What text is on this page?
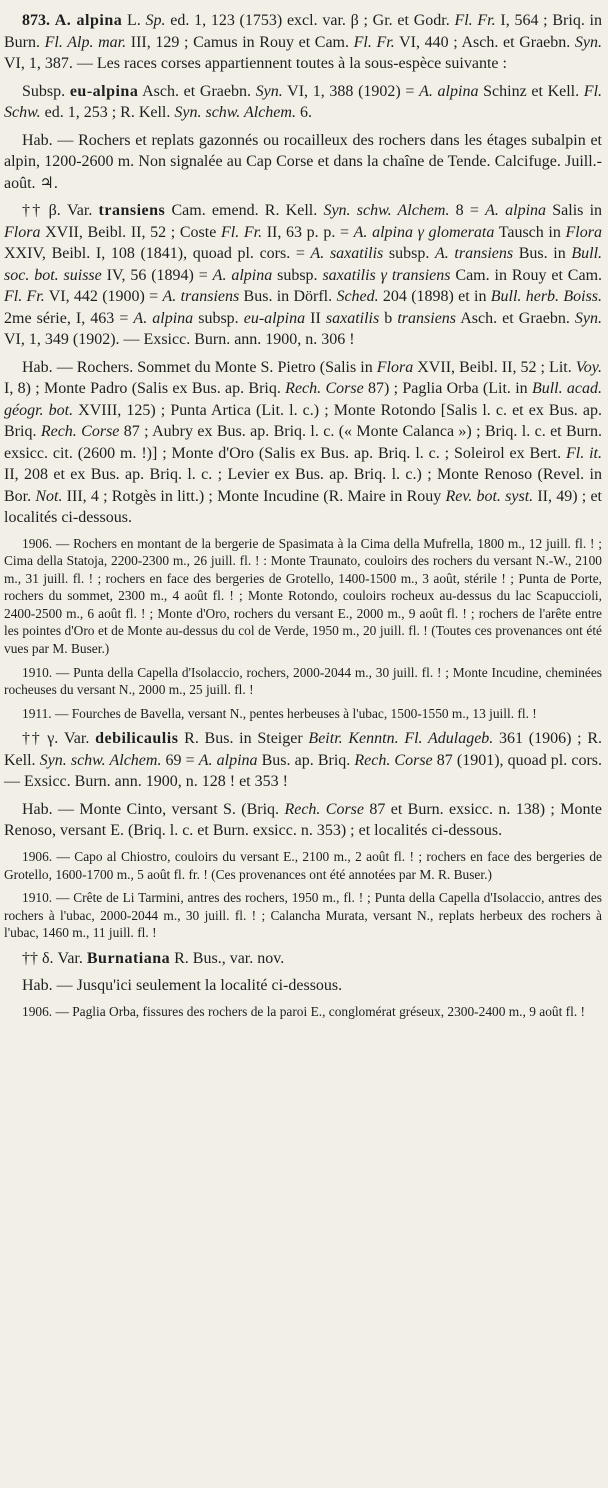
873. A. alpina L. Sp. ed. 1, 123 (1753) excl. var. β ; Gr. et Godr. Fl. Fr. I, 564 ; Briq. in Burn. Fl. Alp. mar. III, 129 ; Camus in Rouy et Cam. Fl. Fr. VI, 440 ; Asch. et Graebn. Syn. VI, 1, 387. — Les races corses appartiennent toutes à la sous-espèce suivante :

Subsp. eu-alpina Asch. et Graebn. Syn. VI, 1, 388 (1902) = A. alpina Schinz et Kell. Fl. Schw. ed. 1, 253 ; R. Kell. Syn. schw. Alchem. 6.

Hab. — Rochers et replats gazonnés ou rocailleux des rochers dans les étages subalpin et alpin, 1200-2600 m. Non signalée au Cap Corse et dans la chaîne de Tende. Calcifuge. Juill.-août. ♃.

†† β. Var. transiens Cam. emend. R. Kell. Syn. schw. Alchem. 8 = A. alpina Salis in Flora XVII, Beibl. II, 52 ; Coste Fl. Fr. II, 63 p. p. = A. alpina γ glomerata Tausch in Flora XXIV, Beibl. I, 108 (1841), quoad pl. cors. = A. saxatilis subsp. A. transiens Bus. in Bull. soc. bot. suisse IV, 56 (1894) = A. alpina subsp. saxatilis γ transiens Cam. in Rouy et Cam. Fl. Fr. VI, 442 (1900) = A. transiens Bus. in Dörfl. Sched. 204 (1898) et in Bull. herb. Boiss. 2me série, I, 463 = A. alpina subsp. eu-alpina II saxatilis b transiens Asch. et Graebn. Syn. VI, 1, 349 (1902). — Exsicc. Burn. ann. 1900, n. 306 !

Hab. — Rochers. Sommet du Monte S. Pietro (Salis in Flora XVII, Beibl. II, 52 ; Lit. Voy. I, 8) ; Monte Padro (Salis ex Bus. ap. Briq. Rech. Corse 87) ; Paglia Orba (Lit. in Bull. acad. géogr. bot. XVIII, 125) ; Punta Artica (Lit. l. c.) ; Monte Rotondo [Salis l. c. et ex Bus. ap. Briq. Rech. Corse 87 ; Aubry ex Bus. ap. Briq. l. c. (« Monte Calanca ») ; Briq. l. c. et Burn. exsicc. cit. (2600 m. !)] ; Monte d'Oro (Salis ex Bus. ap. Briq. l. c. ; Soleirol ex Bert. Fl. it. II, 208 et ex Bus. ap. Briq. l. c. ; Levier ex Bus. ap. Briq. l. c.) ; Monte Renoso (Revel. in Bor. Not. III, 4 ; Rotgès in litt.) ; Monte Incudine (R. Maire in Rouy Rev. bot. syst. II, 49) ; et localités ci-dessous.

1906. — Rochers en montant de la bergerie de Spasimata à la Cima della Mufrella, 1800 m., 12 juill. fl. ! ; Cima della Statoja, 2200-2300 m., 26 juill. fl. ! : Monte Traunato, couloirs des rochers du versant N.-W., 2100 m., 31 juill. fl. ! ; rochers en face des bergeries de Grotello, 1400-1500 m., 3 août, stérile ! ; Punta de Porte, rochers du sommet, 2300 m., 4 août fl. ! ; Monte Rotondo, couloirs rocheux au-dessus du lac Scapuccioli, 2400-2500 m., 6 août fl. ! ; Monte d'Oro, rochers du versant E., 2000 m., 9 août fl. ! ; rochers de l'arête entre les pointes d'Oro et de Monte au-dessus du col de Verde, 1950 m., 20 juill. fl. ! (Toutes ces provenances ont été vues par M. Buser.)

1910. — Punta della Capella d'Isolaccio, rochers, 2000-2044 m., 30 juill. fl. ! ; Monte Incudine, cheminées rocheuses du versant N., 2000 m., 25 juill. fl. !

1911. — Fourches de Bavella, versant N., pentes herbeuses à l'ubac, 1500-1550 m., 13 juill. fl. !

†† γ. Var. debilicaulis R. Bus. in Steiger Beitr. Kenntn. Fl. Adulageb. 361 (1906) ; R. Kell. Syn. schw. Alchem. 69 = A. alpina Bus. ap. Briq. Rech. Corse 87 (1901), quoad pl. cors. — Exsicc. Burn. ann. 1900, n. 128 ! et 353 !

Hab. — Monte Cinto, versant S. (Briq. Rech. Corse 87 et Burn. exsicc. n. 138) ; Monte Renoso, versant E. (Briq. l. c. et Burn. exsicc. n. 353) ; et localités ci-dessous.

1906. — Capo al Chiostro, couloirs du versant E., 2100 m., 2 août fl. ! ; rochers en face des bergeries de Grotello, 1600-1700 m., 5 août fl. fr. ! (Ces provenances ont été annotées par M. R. Buser.)

1910. — Crête de Li Tarmini, antres des rochers, 1950 m., fl. ! ; Punta della Capella d'Isolaccio, antres des rochers à l'ubac, 2000-2044 m., 30 juill. fl. ! ; Calancha Murata, versant N., replats herbeux des rochers à l'ubac, 1460 m., 11 juill. fl. !

†† δ. Var. Burnatiana R. Bus., var. nov.

Hab. — Jusqu'ici seulement la localité ci-dessous.

1906. — Paglia Orba, fissures des rochers de la paroi E., conglomérat gréseux, 2300-2400 m., 9 août fl. !
